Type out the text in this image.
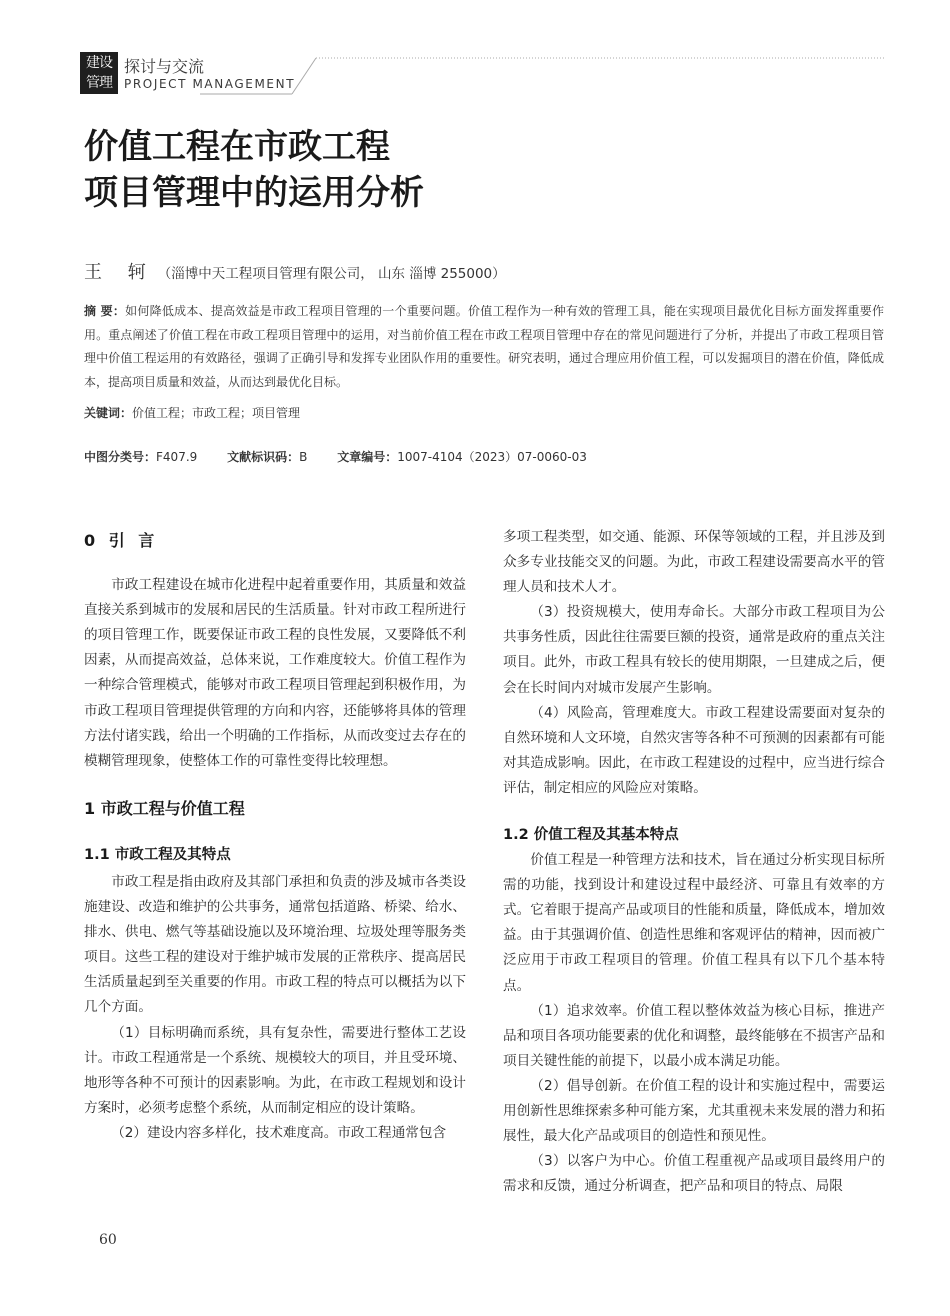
建设
管理
探讨与交流
PROJECT MANAGEMENT
价值工程在市政工程
项目管理中的运用分析
王 轲 （淄博中天工程项目管理有限公司， 山东 淄博 255000）

摘 要：如何降低成本、提高效益是市政工程项目管理的一个重要问题。价值工程作为一种有效的管理工具，能在实现项目最优化目标方面发挥重要作用。重点阐述了价值工程在市政工程项目管理中的运用，对当前价值工程在市政工程项目管理中存在的常见问题进行了分析，并提出了市政工程项目管理中价值工程运用的有效路径，强调了正确引导和发挥专业团队作用的重要性。研究表明，通过合理应用价值工程，可以发掘项目的潜在价值，降低成本，提高项目质量和效益，从而达到最优化目标。

关键词：价值工程；市政工程；项目管理
中图分类号：F407.9 文献标识码：B 文章编号：1007-4104（2023）07-0060-03
0 引 言

市政工程建设在城市化进程中起着重要作用，其质量和效益直接关系到城市的发展和居民的生活质量。针对市政工程所进行的项目管理工作，既要保证市政工程的良性发展，又要降低不利因素，从而提高效益，总体来说，工作难度较大。价值工程作为一种综合管理模式，能够对市政工程项目管理起到积极作用，为市政工程项目管理提供管理的方向和内容，还能够将具体的管理方法付诸实践，给出一个明确的工作指标，从而改变过去存在的模糊管理现象，使整体工作的可靠性变得比较理想。

1 市政工程与价值工程
1.1 市政工程及其特点

市政工程是指由政府及其部门承担和负责的涉及城市各类设施建设、改造和维护的公共事务，通常包括道路、桥梁、给水、排水、供电、燃气等基础设施以及环境治理、垃圾处理等服务类项目。这些工程的建设对于维护城市发展的正常秩序、提高居民生活质量起到至关重要的作用。市政工程的特点可以概括为以下几个方面。

（1）目标明确而系统，具有复杂性，需要进行整体工艺设计。市政工程通常是一个系统、规模较大的项目，并且受环境、地形等各种不可预计的因素影响。为此，在市政工程规划和设计方案时，必须考虑整个系统，从而制定相应的设计策略。

（2）建设内容多样化，技术难度高。市政工程通常包含

多项工程类型，如交通、能源、环保等领域的工程，并且涉及到众多专业技能交叉的问题。为此，市政工程建设需要高水平的管理人员和技术人才。

（3）投资规模大，使用寿命长。大部分市政工程项目为公共事务性质，因此往往需要巨额的投资，通常是政府的重点关注项目。此外，市政工程具有较长的使用期限，一旦建成之后，便会在长时间内对城市发展产生影响。

（4）风险高，管理难度大。市政工程建设需要面对复杂的自然环境和人文环境，自然灾害等各种不可预测的因素都有可能对其造成影响。因此，在市政工程建设的过程中，应当进行综合评估，制定相应的风险应对策略。

1.2 价值工程及其基本特点

价值工程是一种管理方法和技术，旨在通过分析实现目标所需的功能，找到设计和建设过程中最经济、可靠且有效率的方式。它着眼于提高产品或项目的性能和质量，降低成本，增加效益。由于其强调价值、创造性思维和客观评估的精神，因而被广泛应用于市政工程项目的管理。价值工程具有以下几个基本特点。

（1）追求效率。价值工程以整体效益为核心目标，推进产品和项目各项功能要素的优化和调整，最终能够在不损害产品和项目关键性能的前提下，以最小成本满足功能。

（2）倡导创新。在价值工程的设计和实施过程中，需要运用创新性思维探索多种可能方案，尤其重视未来发展的潜力和拓展性，最大化产品或项目的创造性和预见性。

（3）以客户为中心。价值工程重视产品或项目最终用户的需求和反馈，通过分析调查，把产品和项目的特点、局限

60
